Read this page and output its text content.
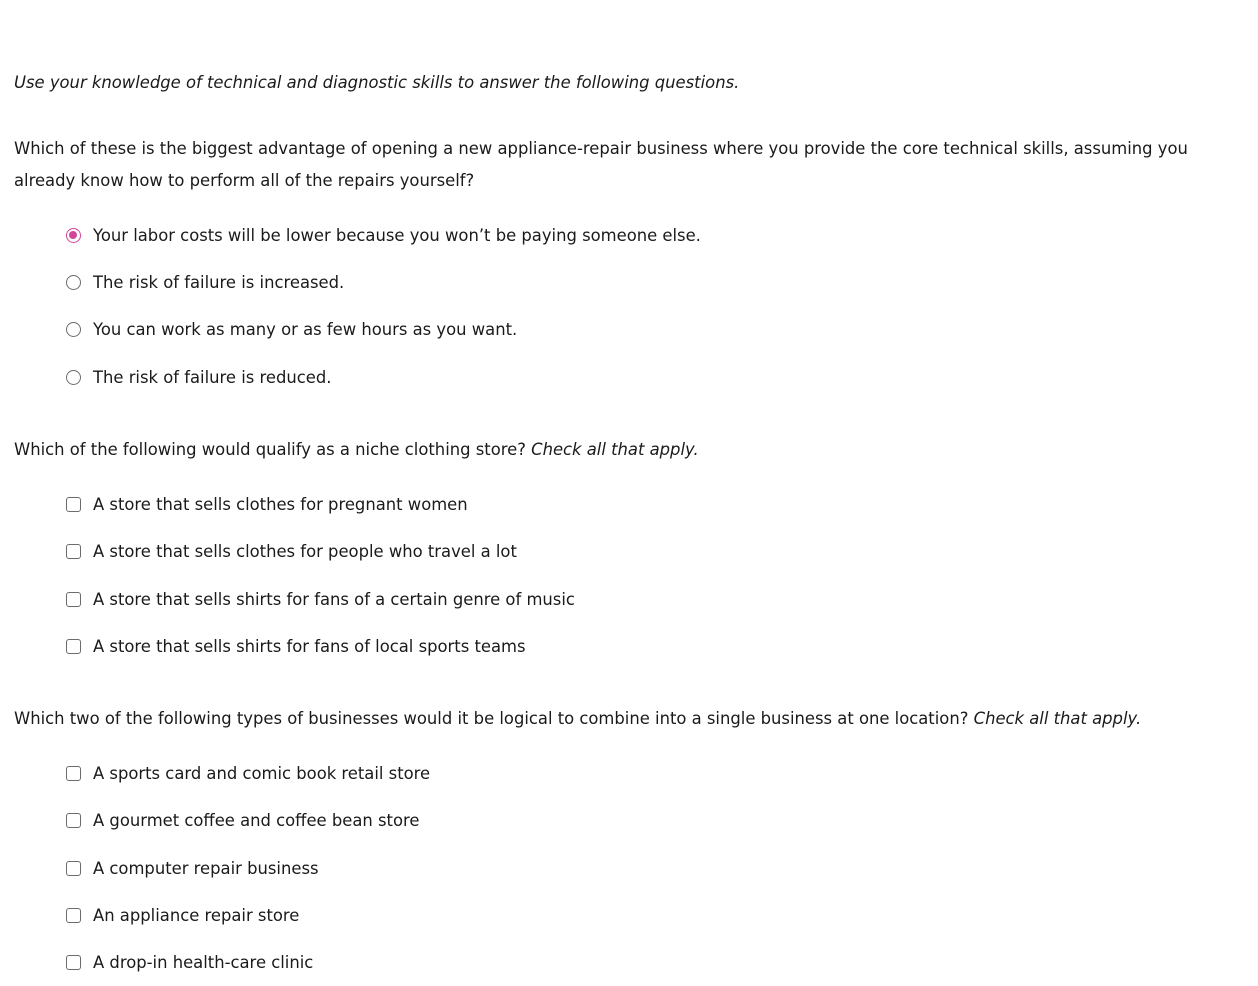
Use your knowledge of technical and diagnostic skills to answer the following questions.
Which of these is the biggest advantage of opening a new appliance-repair business where you provide the core technical skills, assuming you already know how to perform all of the repairs yourself?
Your labor costs will be lower because you won’t be paying someone else.
The risk of failure is increased.
You can work as many or as few hours as you want.
The risk of failure is reduced.
Which of the following would qualify as a niche clothing store? Check all that apply.
A store that sells clothes for pregnant women
A store that sells clothes for people who travel a lot
A store that sells shirts for fans of a certain genre of music
A store that sells shirts for fans of local sports teams
Which two of the following types of businesses would it be logical to combine into a single business at one location? Check all that apply.
A sports card and comic book retail store
A gourmet coffee and coffee bean store
A computer repair business
An appliance repair store
A drop-in health-care clinic
